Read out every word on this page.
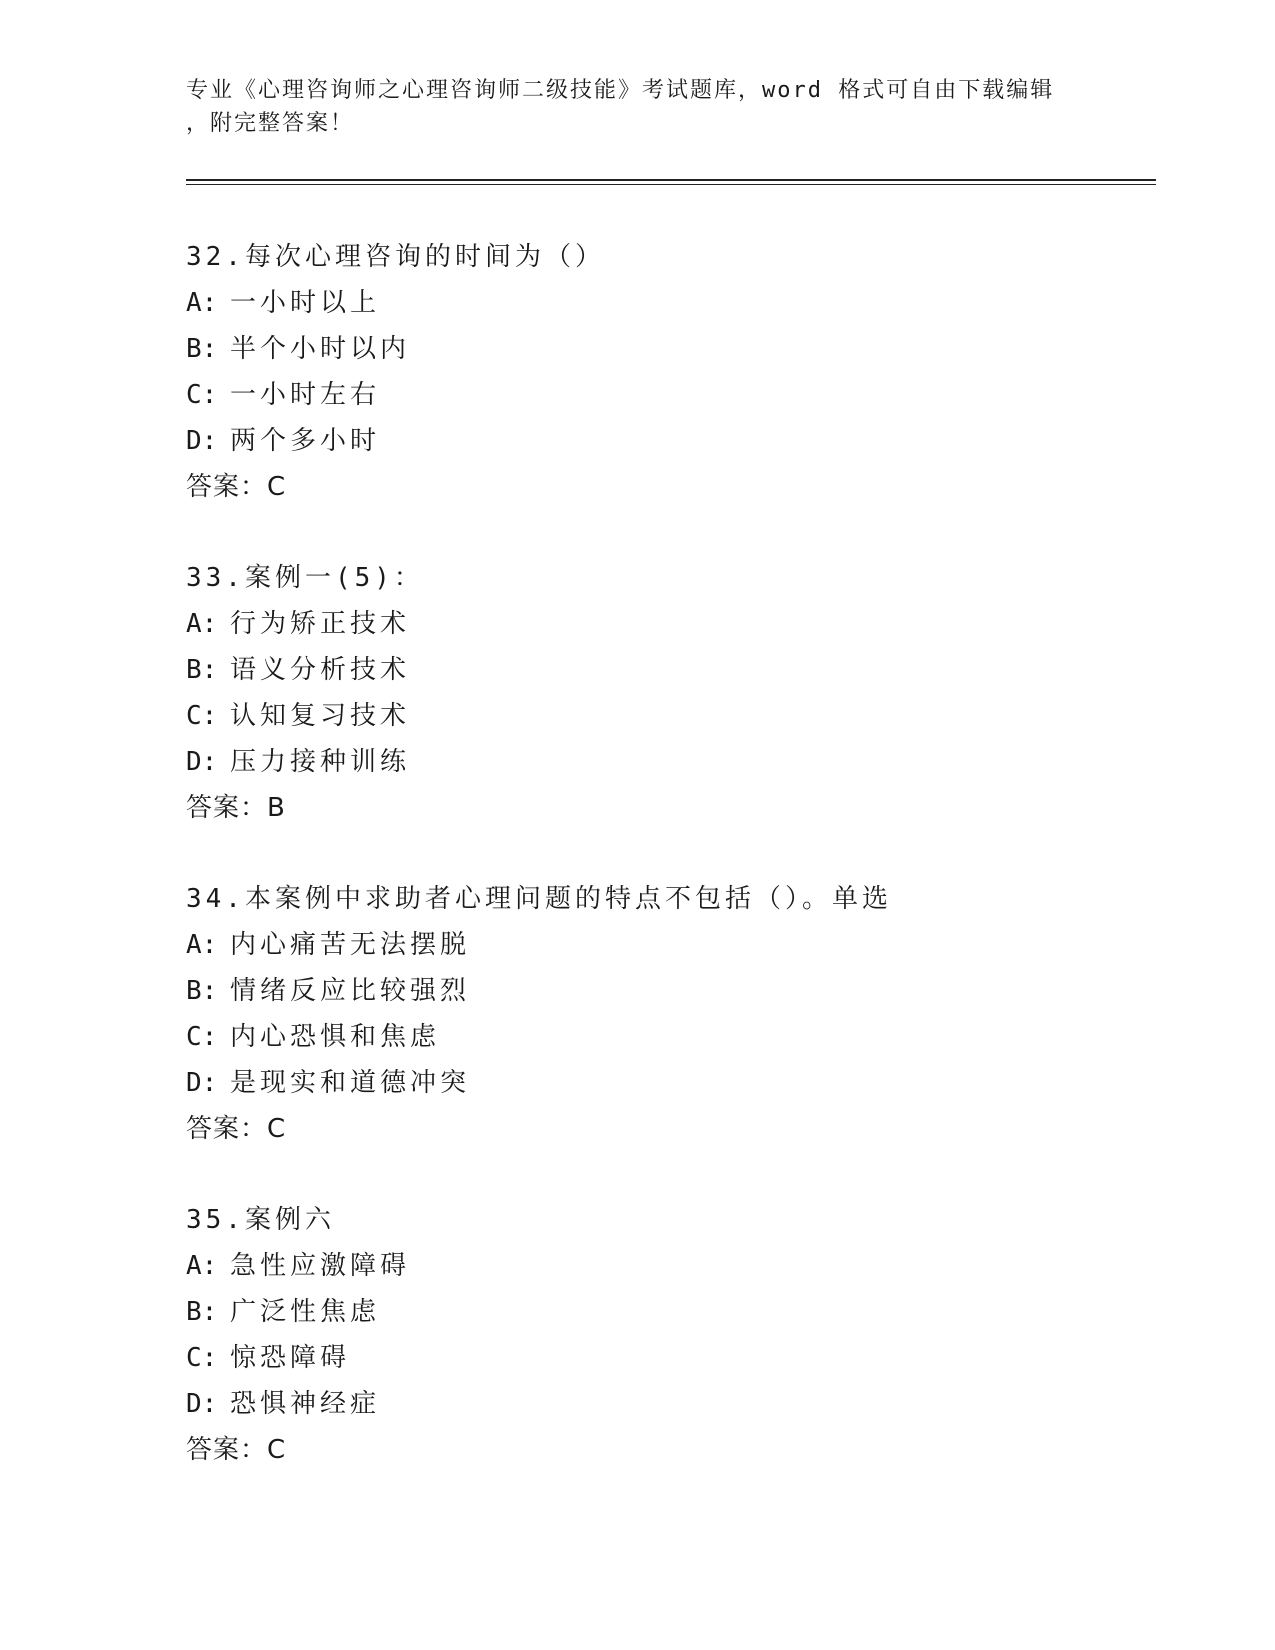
专业《心理咨询师之心理咨询师二级技能》考试题库，word 格式可自由下载编辑
，附完整答案！
32.每次心理咨询的时间为（）
A: 一小时以上
B: 半个小时以内
C: 一小时左右
D: 两个多小时
答案：C
33.案例一(5)：
A: 行为矫正技术
B: 语义分析技术
C: 认知复习技术
D: 压力接种训练
答案：B
34.本案例中求助者心理问题的特点不包括（）。单选
A: 内心痛苦无法摆脱
B: 情绪反应比较强烈
C: 内心恐惧和焦虑
D: 是现实和道德冲突
答案：C
35.案例六
A: 急性应激障碍
B: 广泛性焦虑
C: 惊恐障碍
D: 恐惧神经症
答案：C
